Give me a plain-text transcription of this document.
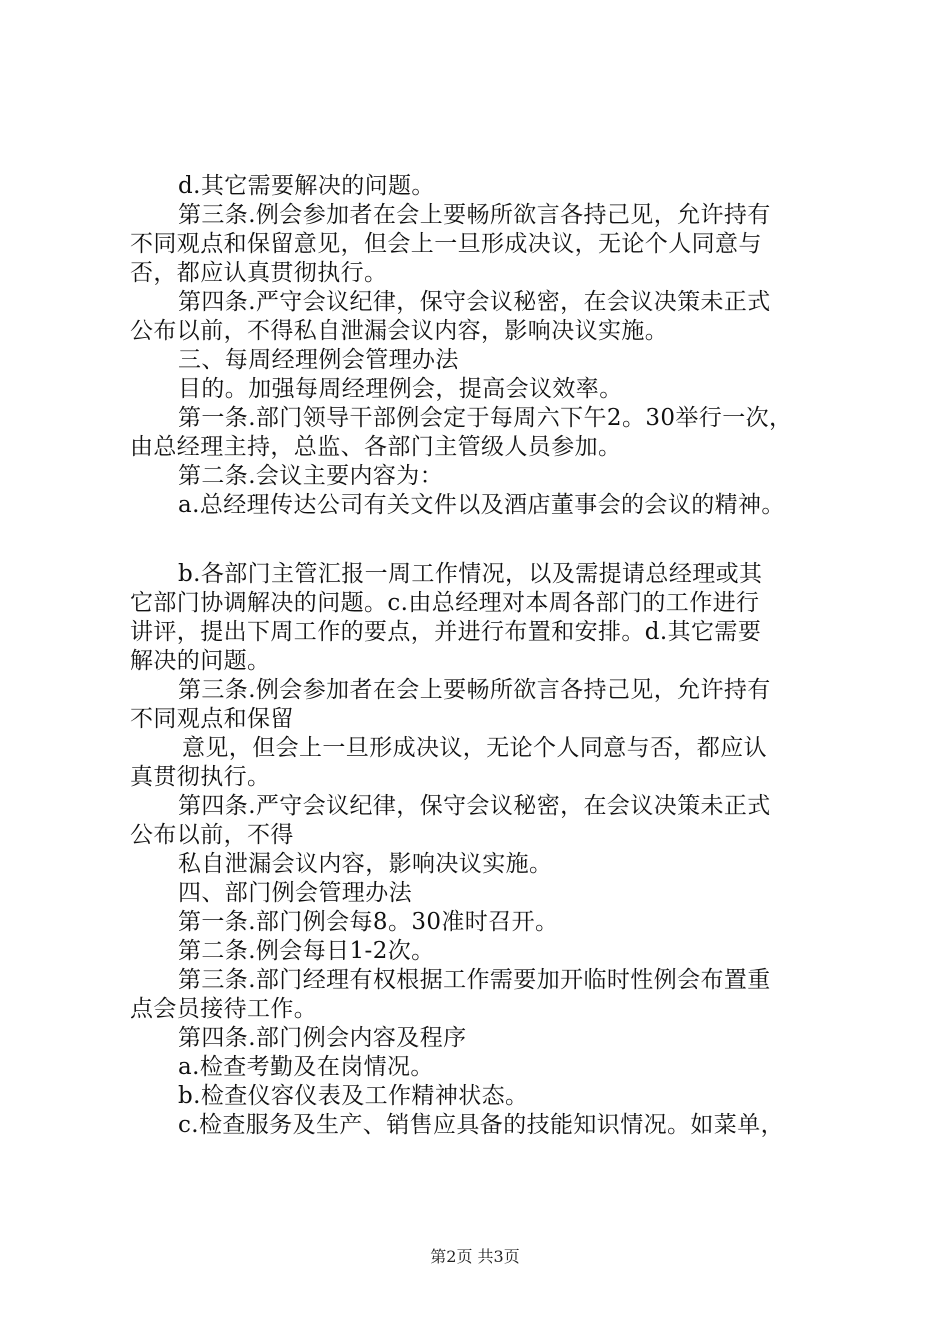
d.其它需要解决的问题。
第三条.例会参加者在会上要畅所欲言各持己见，允许持有
不同观点和保留意见，但会上一旦形成决议，无论个人同意与
否，都应认真贯彻执行。
第四条.严守会议纪律，保守会议秘密，在会议决策未正式
公布以前，不得私自泄漏会议内容，影响决议实施。
三、每周经理例会管理办法
目的。加强每周经理例会，提高会议效率。
第一条.部门领导干部例会定于每周六下午2。30举行一次，
由总经理主持，总监、各部门主管级人员参加。
第二条.会议主要内容为：
a.总经理传达公司有关文件以及酒店董事会的会议的精神。
b.各部门主管汇报一周工作情况，以及需提请总经理或其
它部门协调解决的问题。c.由总经理对本周各部门的工作进行
讲评，提出下周工作的要点，并进行布置和安排。d.其它需要
解决的问题。
第三条.例会参加者在会上要畅所欲言各持己见，允许持有
不同观点和保留
意见，但会上一旦形成决议，无论个人同意与否，都应认
真贯彻执行。
第四条.严守会议纪律，保守会议秘密，在会议决策未正式
公布以前，不得
私自泄漏会议内容，影响决议实施。
四、部门例会管理办法
第一条.部门例会每8。30准时召开。
第二条.例会每日1-2次。
第三条.部门经理有权根据工作需要加开临时性例会布置重
点会员接待工作。
第四条.部门例会内容及程序
a.检查考勤及在岗情况。
b.检查仪容仪表及工作精神状态。
c.检查服务及生产、销售应具备的技能知识情况。如菜单，
第2页 共3页
